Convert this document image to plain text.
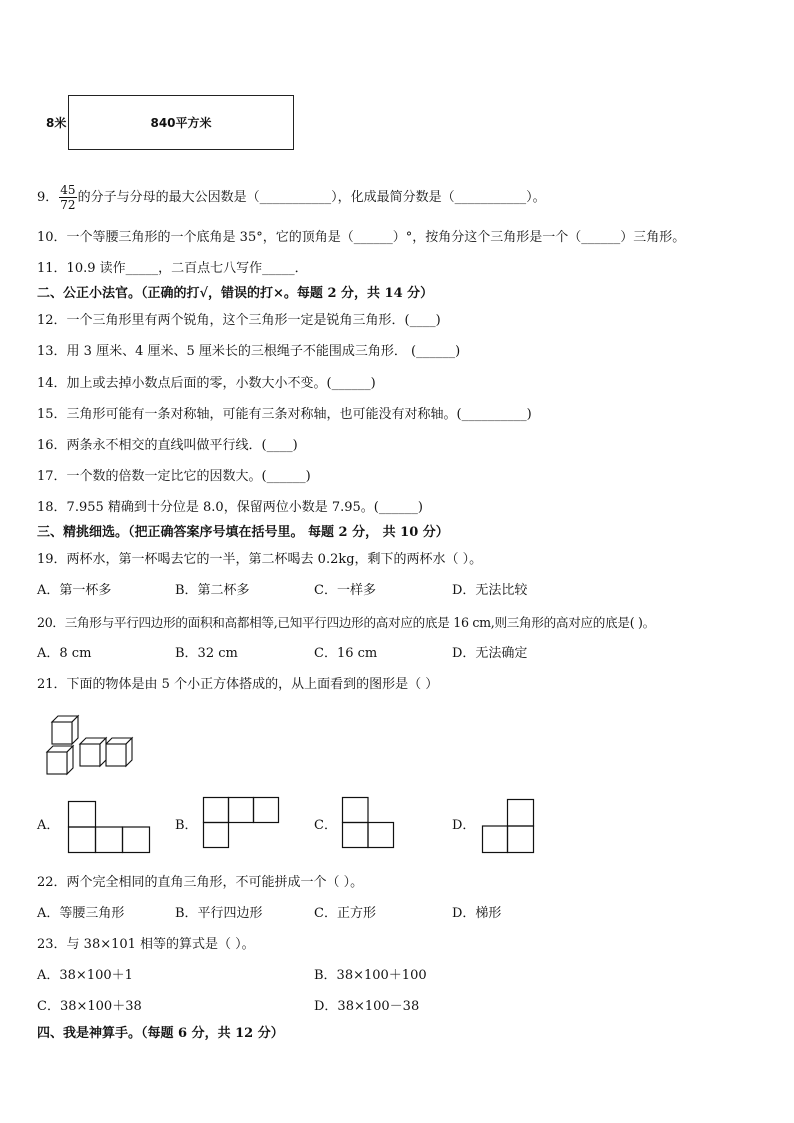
8米	840平方米
9． $\frac{45}{72}$ 的分子与分母的最大公因数是（___________），化成最简分数是（___________）。
10．一个等腰三角形的一个底角是 35°，它的顶角是（______）°，按角分这个三角形是一个（______）三角形。
11．10.9 读作_____，二百点七八写作_____．
二、公正小法官。（正确的打√，错误的打×。每题 2 分，共 14 分）
12．一个三角形里有两个锐角，这个三角形一定是锐角三角形．(____)
13．用 3 厘米、4 厘米、5 厘米长的三根绳子不能围成三角形． (______)
14．加上或去掉小数点后面的零，小数大小不变。(______)
15．三角形可能有一条对称轴，可能有三条对称轴，也可能没有对称轴。(__________)
16．两条永不相交的直线叫做平行线．(____)
17．一个数的倍数一定比它的因数大。(______)
18．7.955 精确到十分位是 8.0，保留两位小数是 7.95。(______)
三、精挑细选。（把正确答案序号填在括号里。 每题 2 分， 共 10 分）
19．两杯水，第一杯喝去它的一半，第二杯喝去 0.2kg，剩下的两杯水（ ）。
A．第一杯多	B．第二杯多	C．一样多	D．无法比较
20．三角形与平行四边形的面积和高都相等,已知平行四边形的高对应的底是 16 cm,则三角形的高对应的底是( )。
A．8 cm	B．32 cm	C．16 cm	D．无法确定
21．下面的物体是由 5 个小正方体搭成的，从上面看到的图形是（ ）
A．	B．	C．	D．
22．两个完全相同的直角三角形，不可能拼成一个（ ）。
A．等腰三角形	B．平行四边形	C．正方形	D．梯形
23．与 38×101 相等的算式是（ ）。
A．38×100＋1	B．38×100＋100
C．38×100＋38	D．38×100－38
四、我是神算手。（每题 6 分，共 12 分）
